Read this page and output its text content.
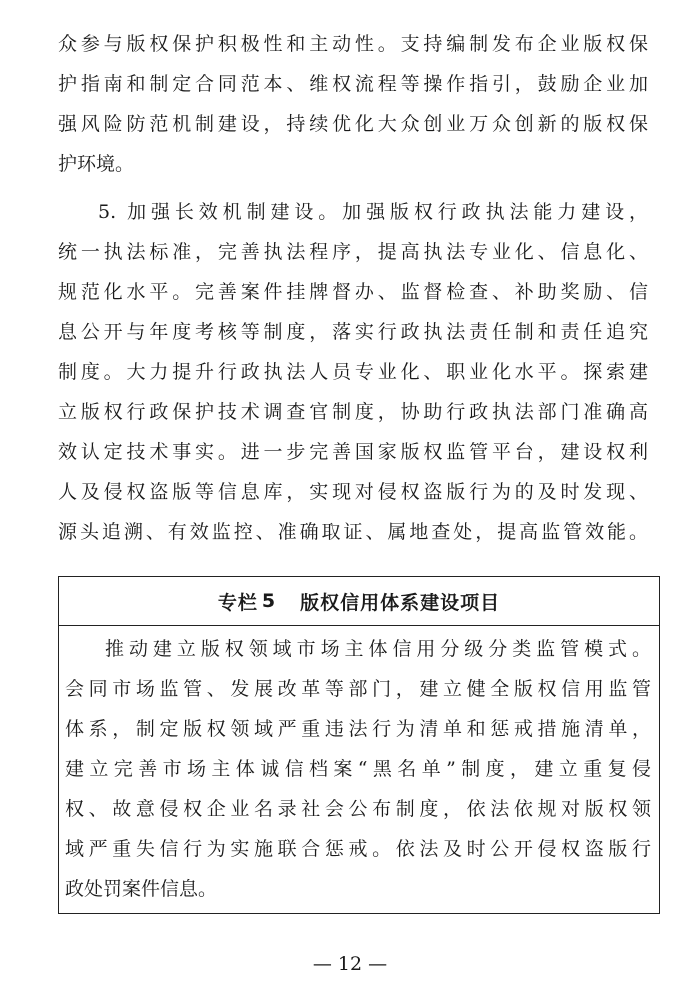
众参与版权保护积极性和主动性。支持编制发布企业版权保
护指南和制定合同范本、维权流程等操作指引，鼓励企业加
强风险防范机制建设，持续优化大众创业万众创新的版权保
护环境。
5. 加强长效机制建设。加强版权行政执法能力建设，
统一执法标准，完善执法程序，提高执法专业化、信息化、
规范化水平。完善案件挂牌督办、监督检查、补助奖励、信
息公开与年度考核等制度，落实行政执法责任制和责任追究
制度。大力提升行政执法人员专业化、职业化水平。探索建
立版权行政保护技术调查官制度，协助行政执法部门准确高
效认定技术事实。进一步完善国家版权监管平台，建设权利
人及侵权盗版等信息库，实现对侵权盗版行为的及时发现、
源头追溯、有效监控、准确取证、属地查处，提高监管效能。
专栏 5 版权信用体系建设项目
推动建立版权领域市场主体信用分级分类监管模式。
会同市场监管、发展改革等部门，建立健全版权信用监管
体系，制定版权领域严重违法行为清单和惩戒措施清单，
建立完善市场主体诚信档案“黑名单”制度，建立重复侵
权、故意侵权企业名录社会公布制度，依法依规对版权领
域严重失信行为实施联合惩戒。依法及时公开侵权盗版行
政处罚案件信息。
— 12 —
